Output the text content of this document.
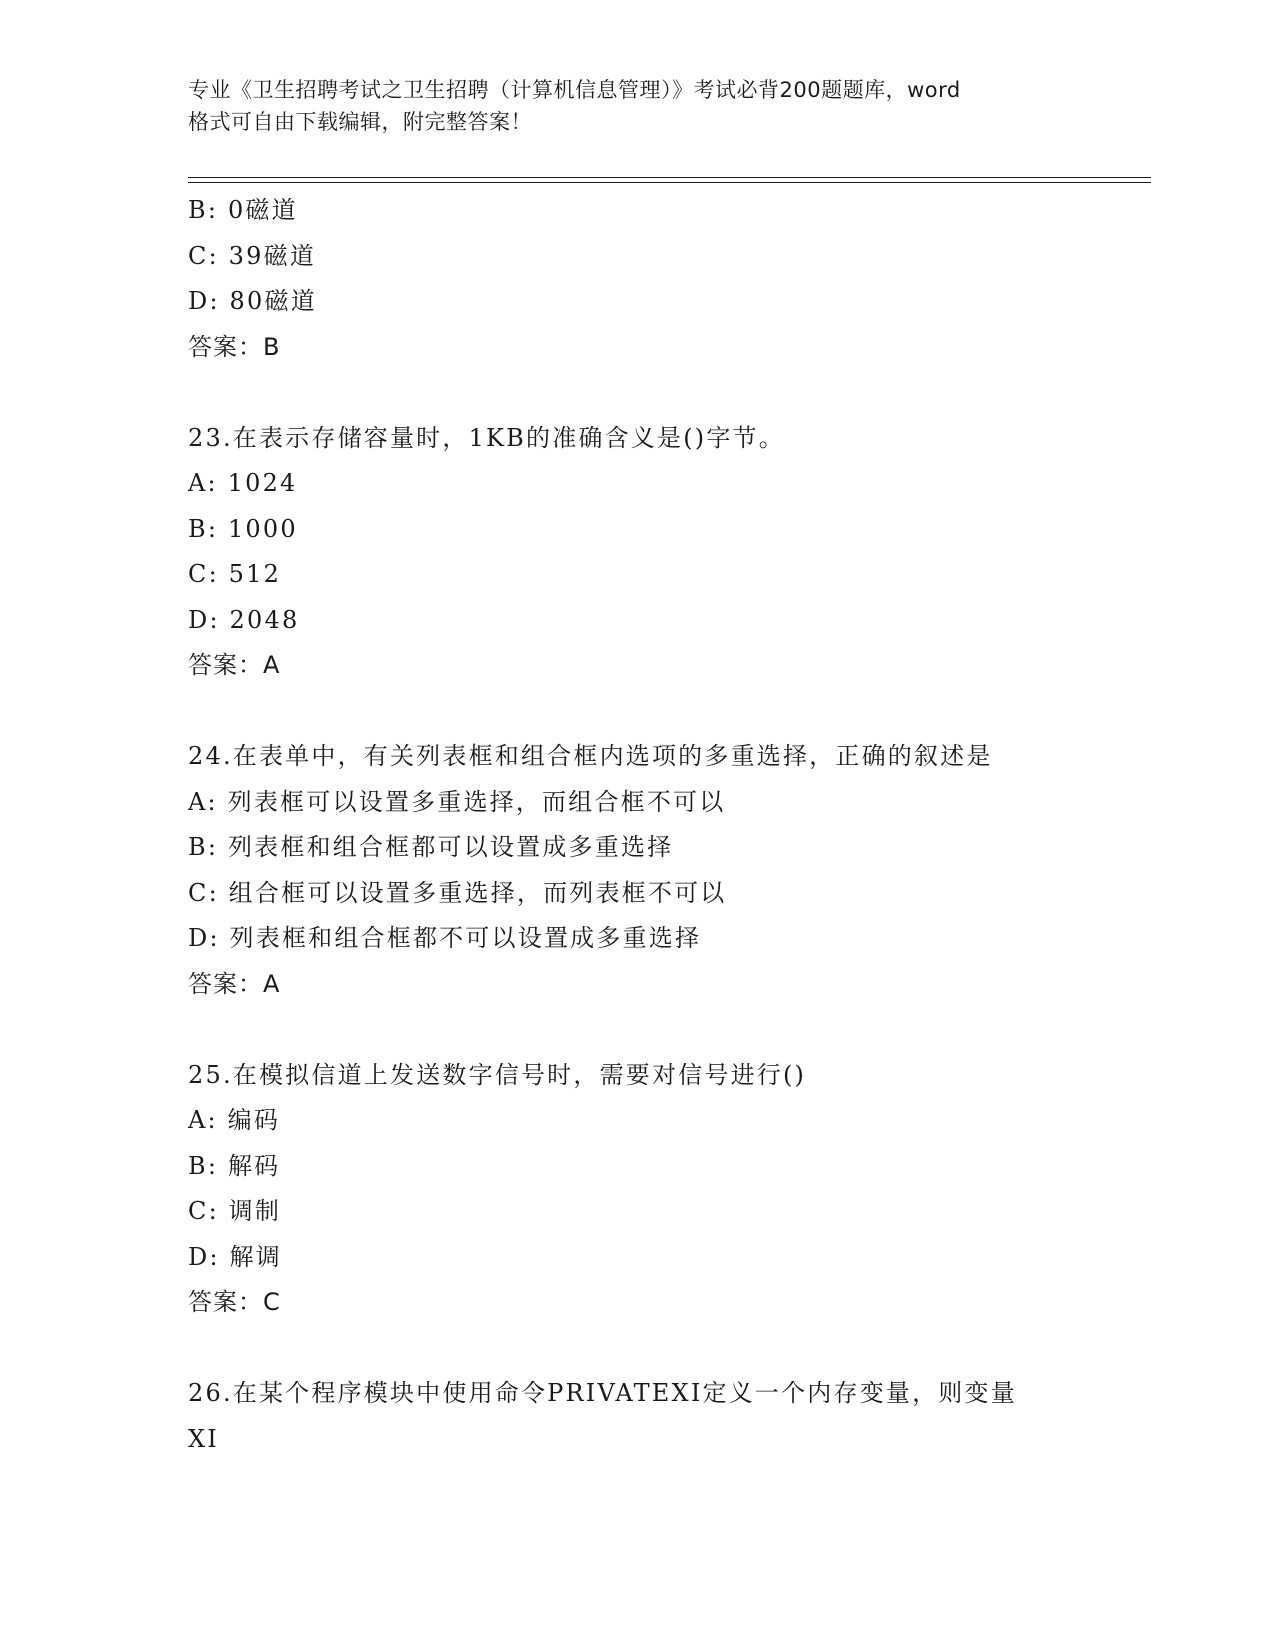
专业《卫生招聘考试之卫生招聘（计算机信息管理）》考试必背200题题库，word
格式可自由下载编辑，附完整答案！
B: 0磁道
C: 39磁道
D: 80磁道
答案：B
23.在表示存储容量时，1KB的准确含义是()字节。
A: 1024
B: 1000
C: 512
D: 2048
答案：A
24.在表单中，有关列表框和组合框内选项的多重选择，正确的叙述是
A: 列表框可以设置多重选择，而组合框不可以
B: 列表框和组合框都可以设置成多重选择
C: 组合框可以设置多重选择，而列表框不可以
D: 列表框和组合框都不可以设置成多重选择
答案：A
25.在模拟信道上发送数字信号时，需要对信号进行()
A: 编码
B: 解码
C: 调制
D: 解调
答案：C
26.在某个程序模块中使用命令PRIVATEXI定义一个内存变量，则变量
XI
